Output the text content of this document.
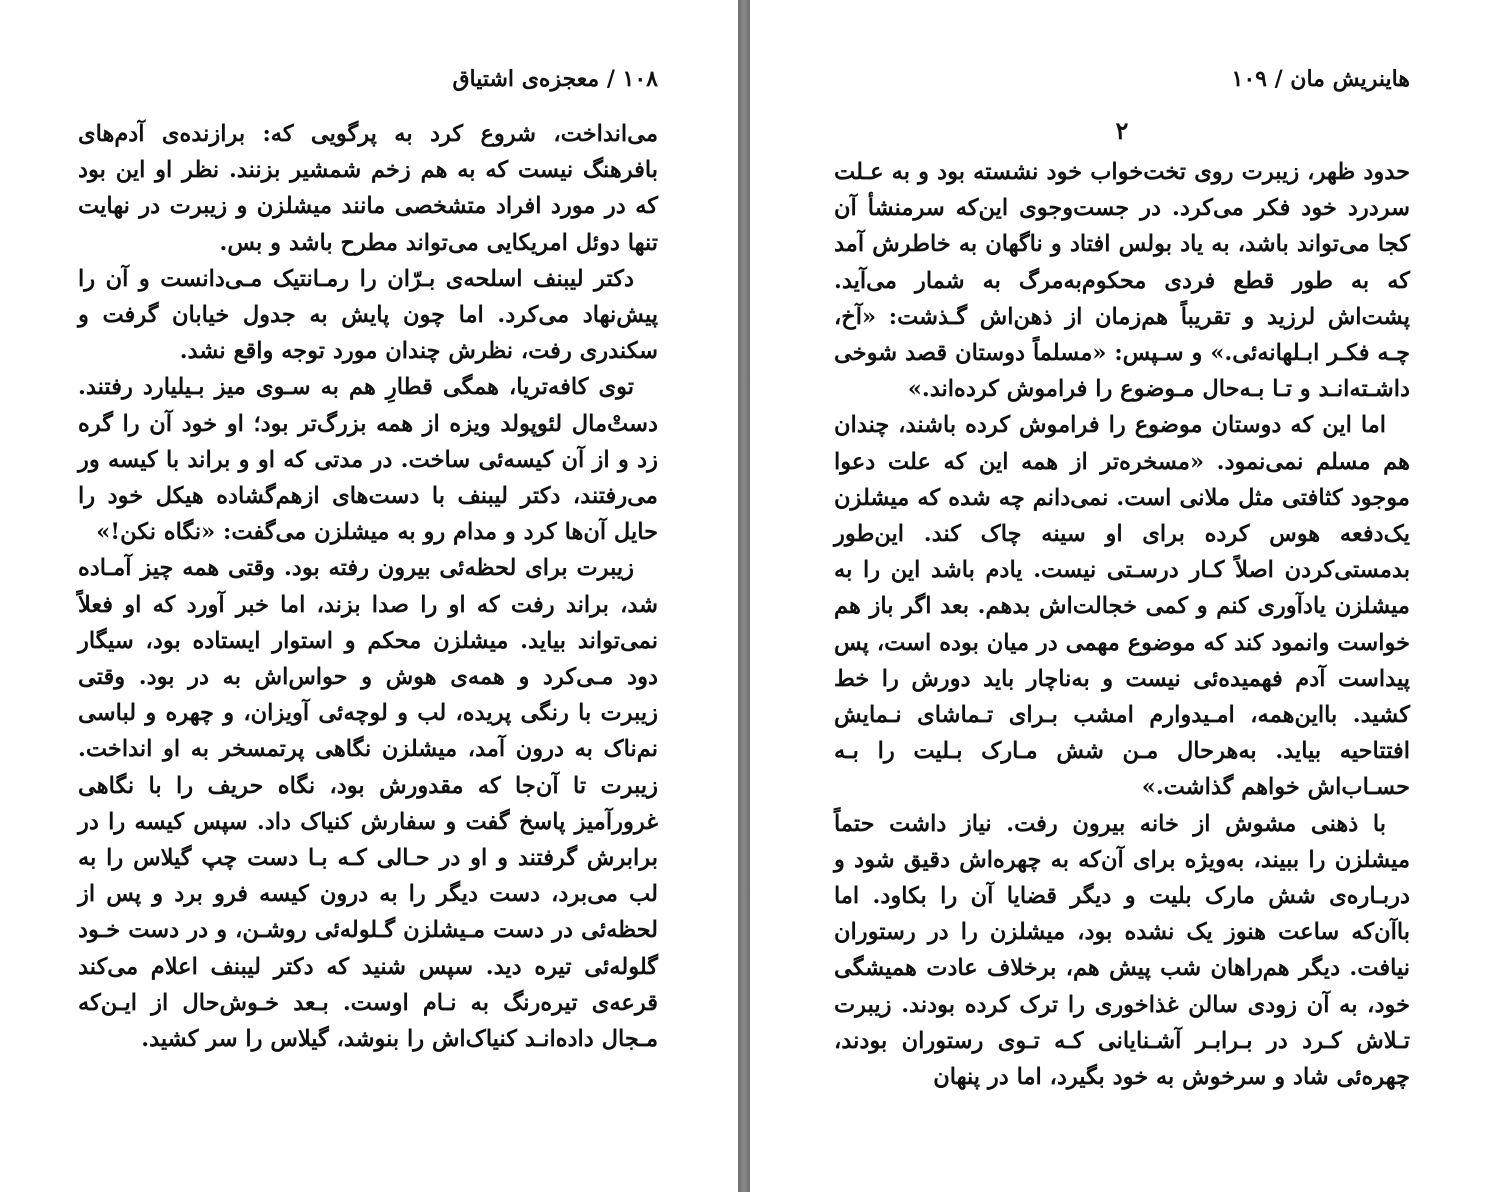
۱۰۸ / معجزه‌ی اشتیاق

می‌انداخت، شروع کرد به پرگویی که: برازنده‌ی آدم‌های بافرهنگ نیست که به هم زخم شمشیر بزنند. نظر او این بود که در مورد افراد متشخصی مانند میشلزن و زیبرت در نهایت تنها دوئل امریکایی می‌تواند مطرح باشد و بس.

دکتر لیبنف اسلحه‌ی بـرّان را رمـانتیک مـی‌دانست و آن را پیش‌نهاد می‌کرد. اما چون پایش به جدول خیابان گرفت و سکندری رفت، نظرش چندان مورد توجه واقع نشد.

توی کافه‌تریا، همگی قطارِ هم به سـوی میز بـیلیارد رفتند. دستْ‌مال لئوپولد ویزه از همه بزرگ‌تر بود؛ او خود آن را گره زد و از آن کیسه‌ئی ساخت. در مدتی که او و براند با کیسه ور می‌رفتند، دکتر لیبنف با دست‌های ازهم‌گشاده هیکل خود را حایل آن‌ها کرد و مدام رو به میشلزن می‌گفت: «نگاه نکن!»

زیبرت برای لحظه‌ئی بیرون رفته بود. وقتی همه چیز آمـاده شد، براند رفت که او را صدا بزند، اما خبر آورد که او فعلاً نمی‌تواند بیاید. میشلزن محکم و استوار ایستاده بود، سیگار دود مـی‌کرد و همه‌ی هوش و حواس‌اش به در بود. وقتی زیبرت با رنگی پریده، لب و لوچه‌ئی آویزان، و چهره و لباسی نم‌ناک به درون آمد، میشلزن نگاهی پرتمسخر به او انداخت. زیبرت تا آن‌جا که مقدورش بود، نگاه حریف را با نگاهی غرورآمیز پاسخ گفت و سفارش کنیاک داد. سپس کیسه را در برابرش گرفتند و او در حـالی کـه بـا دست چپ گیلاس را به لب می‌برد، دست دیگر را به درون کیسه فرو برد و پس از لحظه‌ئی در دست مـیشلزن گـلوله‌ئی روشـن، و در دست خـود گلوله‌ئی تیره دید. سپس شنید که دکتر لیبنف اعلام می‌کند قرعه‌ی تیره‌رنگ به نـام اوست. بـعد خـوش‌حال از ایـن‌که مـجال داده‌انـد کنیاک‌اش را بنوشد، گیلاس را سر کشید.

هاینریش مان / ۱۰۹
۲

حدود ظهر، زیبرت روی تخت‌خواب خود نشسته بود و به عـلت سردرد خود فکر می‌کرد. در جست‌وجوی این‌که سرمنشأ آن کجا می‌تواند باشد، به یاد بولس افتاد و ناگهان به خاطرش آمد که به طور قطع فردی محکوم‌به‌مرگ به شمار می‌آید. پشت‌اش لرزید و تقریباً هم‌زمان از ذهن‌اش گـذشت: «آخ، چـه فکـر ابـلهانه‌ئی.» و سـپس: «مسلماً دوستان قصد شوخی داشـته‌انـد و تـا بـه‌حال مـوضوع را فراموش کرده‌اند.»

اما این که دوستان موضوع را فراموش کرده باشند، چندان هم مسلم نمی‌نمود. «مسخره‌تر از همه این که علت دعوا موجود کثافتی مثل ملانی است. نمی‌دانم چه شده که میشلزن یک‌دفعه هوس کرده برای او سینه چاک کند. این‌طور بدمستی‌کردن اصلاً کـار درسـتی نیست. یادم باشد این را به میشلزن یادآوری کنم و کمی خجالت‌اش بدهم. بعد اگر باز هم خواست وانمود کند که موضوع مهمی در میان بوده است، پس پیداست آدم فهمیده‌ئی نیست و به‌ناچار باید دورش را خط کشید. بااین‌همه، امـیدوارم امشب بـرای تـماشای نـمایش افتتاحیه بیاید. به‌هرحال مـن شش مـارک بـلیت را بـه حسـاب‌اش خواهم گذاشت.»

با ذهنی مشوش از خانه بیرون رفت. نیاز داشت حتماً میشلزن را ببیند، به‌ویژه برای آن‌که به چهره‌اش دقیق شود و دربـاره‌ی شش مارک بلیت و دیگر قضایا آن را بکاود. اما باآن‌که ساعت هنوز یک نشده بود، میشلزن را در رستوران نیافت. دیگر هم‌راهان شب پیش هم، برخلاف عادت همیشگی خود، به آن زودی سالن غذاخوری را ترک کرده بودند. زیبرت تـلاش کـرد در بـرابـر آشـنایانی کـه تـوی رستوران بودند، چهره‌ئی شاد و سرخوش به خود بگیرد، اما در پنهان
